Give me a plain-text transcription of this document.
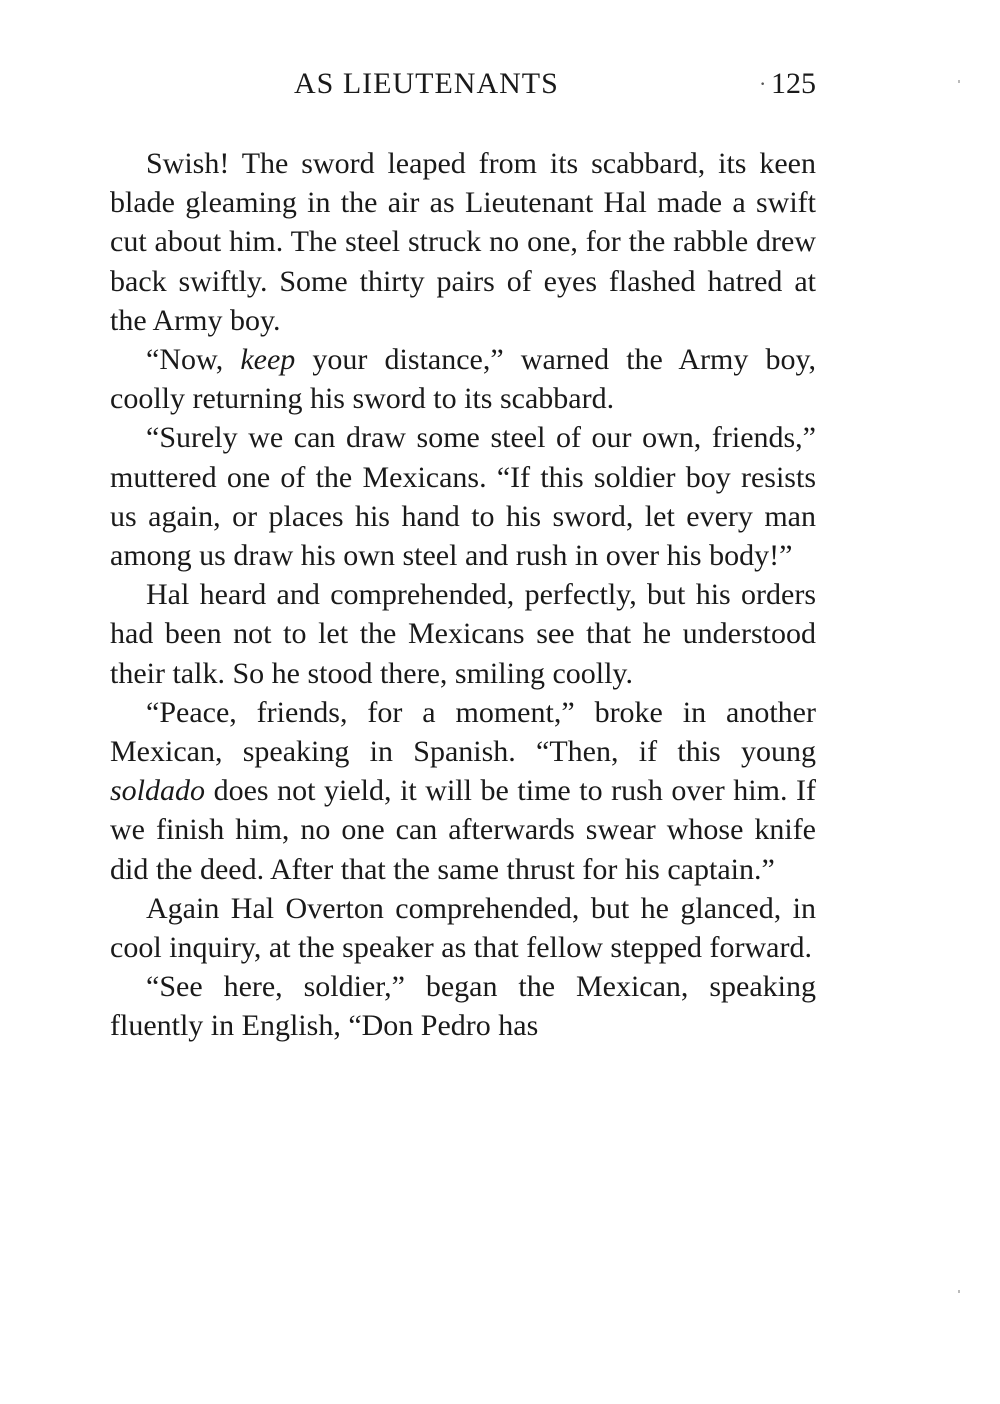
AS LIEUTENANTS
·	125

Swish! The sword leaped from its scabbard, its keen blade gleaming in the air as Lieutenant Hal made a swift cut about him. The steel struck no one, for the rabble drew back swiftly. Some thirty pairs of eyes flashed hatred at the Army boy.

“Now, keep your distance,” warned the Army boy, coolly returning his sword to its scabbard.

“Surely we can draw some steel of our own, friends,” muttered one of the Mexicans. “If this soldier boy resists us again, or places his hand to his sword, let every man among us draw his own steel and rush in over his body!”

Hal heard and comprehended, perfectly, but his orders had been not to let the Mexicans see that he understood their talk. So he stood there, smiling coolly.

“Peace, friends, for a moment,” broke in another Mexican, speaking in Spanish. “Then, if this young soldado does not yield, it will be time to rush over him. If we finish him, no one can afterwards swear whose knife did the deed. After that the same thrust for his captain.”

Again Hal Overton comprehended, but he glanced, in cool inquiry, at the speaker as that fellow stepped forward.

“See here, soldier,” began the Mexican, speaking fluently in English, “Don Pedro has
